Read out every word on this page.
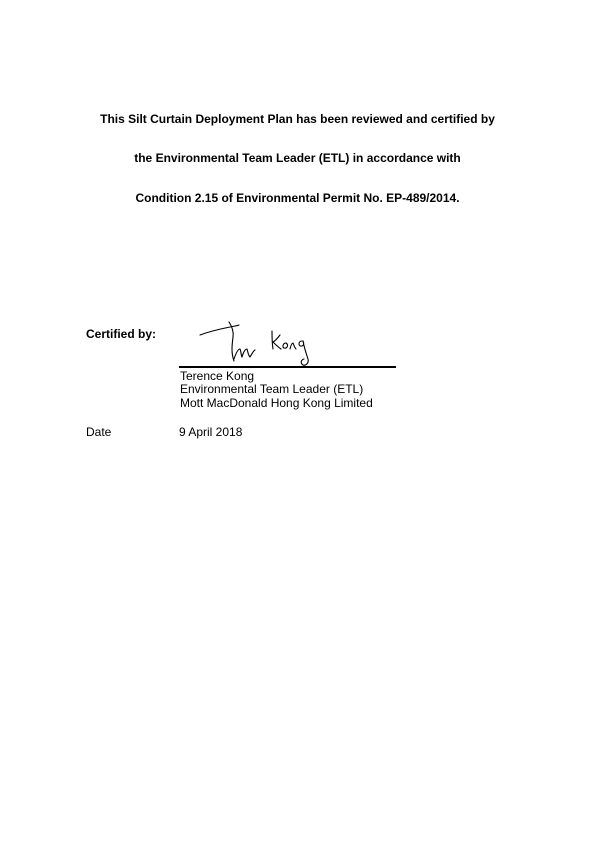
This Silt Curtain Deployment Plan has been reviewed and certified by
the Environmental Team Leader (ETL) in accordance with
Condition 2.15 of Environmental Permit No. EP-489/2014.
Certified by:
Terence Kong
Environmental Team Leader (ETL)
Mott MacDonald Hong Kong Limited
Date	9 April 2018
